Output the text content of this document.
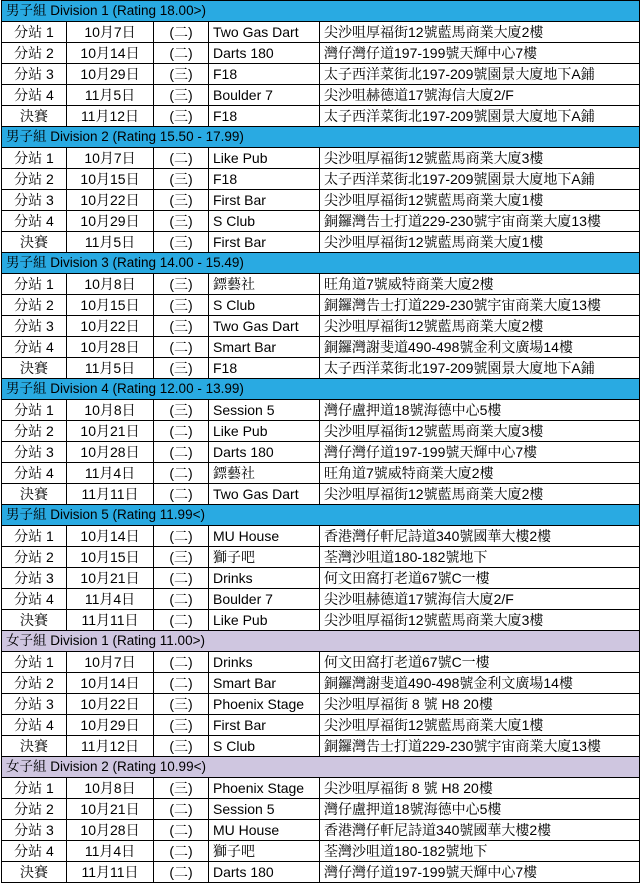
男子組 Division 1 (Rating 18.00>)				
分站 1	10月7日	(二)	Two Gas Dart	尖沙咀厚福街12號藍馬商業大廈2樓
分站 2	10月14日	(二)	Darts 180	灣仔灣仔道197-199號天輝中心7樓
分站 3	10月29日	(三)	F18	太子西洋菜街北197-209號園景大廈地下A鋪
分站 4	11月5日	(三)	Boulder 7	尖沙咀赫德道17號海信大廈2/F
決賽	11月12日	(三)	F18	太子西洋菜街北197-209號園景大廈地下A鋪
男子組 Division 2 (Rating 15.50 - 17.99)				
分站 1	10月7日	(二)	Like Pub	尖沙咀厚福街12號藍馬商業大廈3樓
分站 2	10月15日	(三)	F18	太子西洋菜街北197-209號園景大廈地下A鋪
分站 3	10月22日	(三)	First Bar	尖沙咀厚福街12號藍馬商業大廈1樓
分站 4	10月29日	(三)	S Club	銅鑼灣告士打道229-230號宇宙商業大廈13樓
決賽	11月5日	(三)	First Bar	尖沙咀厚福街12號藍馬商業大廈1樓
男子組 Division 3 (Rating 14.00 - 15.49)				
分站 1	10月8日	(三)	鏢藝社	旺角道7號威特商業大廈2樓
分站 2	10月15日	(三)	S Club	銅鑼灣告士打道229-230號宇宙商業大廈13樓
分站 3	10月22日	(三)	Two Gas Dart	尖沙咀厚福街12號藍馬商業大廈2樓
分站 4	10月28日	(二)	Smart Bar	銅鑼灣謝斐道490-498號金利文廣場14樓
決賽	11月5日	(三)	F18	太子西洋菜街北197-209號園景大廈地下A鋪
男子組 Division 4 (Rating 12.00 - 13.99)				
分站 1	10月8日	(三)	Session 5	灣仔盧押道18號海德中心5樓
分站 2	10月21日	(二)	Like Pub	尖沙咀厚福街12號藍馬商業大廈3樓
分站 3	10月28日	(二)	Darts 180	灣仔灣仔道197-199號天輝中心7樓
分站 4	11月4日	(二)	鏢藝社	旺角道7號威特商業大廈2樓
決賽	11月11日	(二)	Two Gas Dart	尖沙咀厚福街12號藍馬商業大廈2樓
男子組 Division 5 (Rating 11.99<)				
分站 1	10月14日	(二)	MU House	香港灣仔軒尼詩道340號國華大樓2樓
分站 2	10月15日	(三)	獅子吧	荃灣沙咀道180-182號地下
分站 3	10月21日	(二)	Drinks	何文田窩打老道67號C一樓
分站 4	11月4日	(二)	Boulder 7	尖沙咀赫德道17號海信大廈2/F
決賽	11月11日	(二)	Like Pub	尖沙咀厚福街12號藍馬商業大廈3樓
女子組 Division 1 (Rating 11.00>)				
分站 1	10月7日	(二)	Drinks	何文田窩打老道67號C一樓
分站 2	10月14日	(二)	Smart Bar	銅鑼灣謝斐道490-498號金利文廣場14樓
分站 3	10月22日	(三)	Phoenix Stage	尖沙咀厚福街 8 號 H8 20樓
分站 4	10月29日	(三)	First Bar	尖沙咀厚福街12號藍馬商業大廈1樓
決賽	11月12日	(三)	S Club	銅鑼灣告士打道229-230號宇宙商業大廈13樓
女子組 Division 2 (Rating 10.99<)				
分站 1	10月8日	(三)	Phoenix Stage	尖沙咀厚福街 8 號 H8 20樓
分站 2	10月21日	(二)	Session 5	灣仔盧押道18號海德中心5樓
分站 3	10月28日	(二)	MU House	香港灣仔軒尼詩道340號國華大樓2樓
分站 4	11月4日	(二)	獅子吧	荃灣沙咀道180-182號地下
決賽	11月11日	(二)	Darts 180	灣仔灣仔道197-199號天輝中心7樓
